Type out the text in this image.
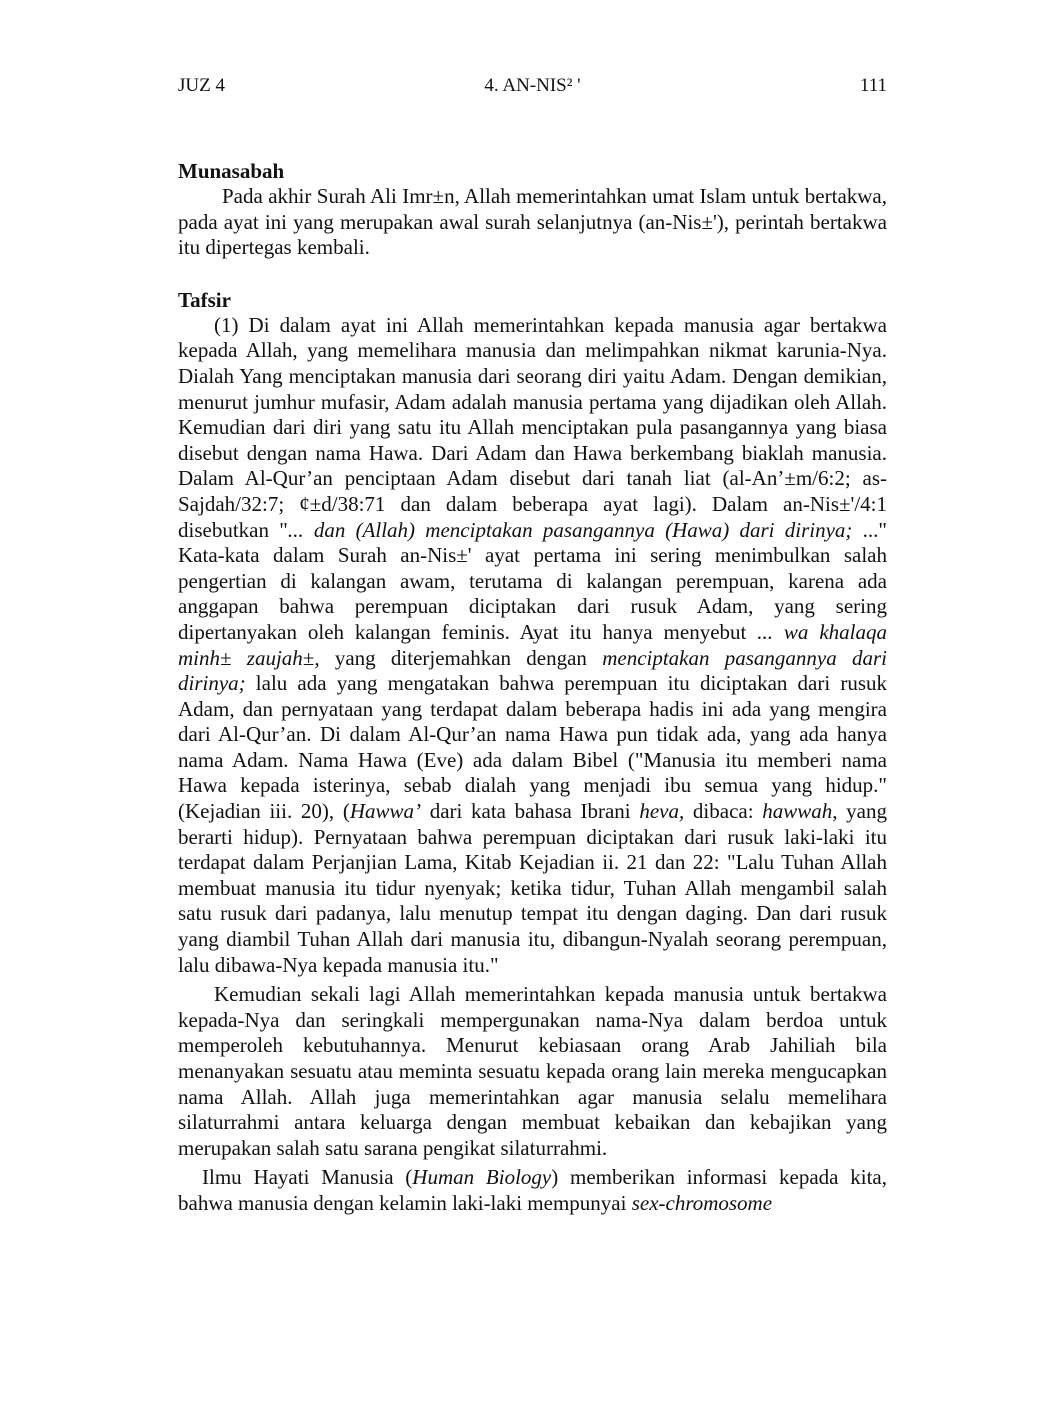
JUZ 4	4. AN-NIS² '	111
Munasabah

Pada akhir Surah Ali Imr±n, Allah memerintahkan umat Islam untuk bertakwa, pada ayat ini yang merupakan awal surah selanjutnya (an-Nis±'), perintah bertakwa itu dipertegas kembali.

Tafsir

(1) Di dalam ayat ini Allah memerintahkan kepada manusia agar bertakwa kepada Allah, yang memelihara manusia dan melimpahkan nikmat karunia-Nya. Dialah Yang menciptakan manusia dari seorang diri yaitu Adam. Dengan demikian, menurut jumhur mufasir, Adam adalah manusia pertama yang dijadikan oleh Allah. Kemudian dari diri yang satu itu Allah menciptakan pula pasangannya yang biasa disebut dengan nama Hawa. Dari Adam dan Hawa berkembang biaklah manusia. Dalam Al-Qur’an penciptaan Adam disebut dari tanah liat (al-An’±m/6:2; as-Sajdah/32:7; ¢±d/38:71 dan dalam beberapa ayat lagi). Dalam an-Nis±'/4:1 disebutkan "... dan (Allah) menciptakan pasangannya (Hawa) dari dirinya; ..." Kata-kata dalam Surah an-Nis±' ayat pertama ini sering menimbulkan salah pengertian di kalangan awam, terutama di kalangan perempuan, karena ada anggapan bahwa perempuan diciptakan dari rusuk Adam, yang sering dipertanyakan oleh kalangan feminis. Ayat itu hanya menyebut ... wa khalaqa minh± zaujah±, yang diterjemahkan dengan menciptakan pasangannya dari dirinya; lalu ada yang mengatakan bahwa perempuan itu diciptakan dari rusuk Adam, dan pernyataan yang terdapat dalam beberapa hadis ini ada yang mengira dari Al-Qur’an. Di dalam Al-Qur’an nama Hawa pun tidak ada, yang ada hanya nama Adam. Nama Hawa (Eve) ada dalam Bibel ("Manusia itu memberi nama Hawa kepada isterinya, sebab dialah yang menjadi ibu semua yang hidup." (Kejadian iii. 20), (Hawwa’ dari kata bahasa Ibrani heva, dibaca: hawwah, yang berarti hidup). Pernyataan bahwa perempuan diciptakan dari rusuk laki-laki itu terdapat dalam Perjanjian Lama, Kitab Kejadian ii. 21 dan 22: "Lalu Tuhan Allah membuat manusia itu tidur nyenyak; ketika tidur, Tuhan Allah mengambil salah satu rusuk dari padanya, lalu menutup tempat itu dengan daging. Dan dari rusuk yang diambil Tuhan Allah dari manusia itu, dibangun-Nyalah seorang perempuan, lalu dibawa-Nya kepada manusia itu."

Kemudian sekali lagi Allah memerintahkan kepada manusia untuk bertakwa kepada-Nya dan seringkali mempergunakan nama-Nya dalam berdoa untuk memperoleh kebutuhannya. Menurut kebiasaan orang Arab Jahiliah bila menanyakan sesuatu atau meminta sesuatu kepada orang lain mereka mengucapkan nama Allah. Allah juga memerintahkan agar manusia selalu memelihara silaturrahmi antara keluarga dengan membuat kebaikan dan kebajikan yang merupakan salah satu sarana pengikat silaturrahmi.

Ilmu Hayati Manusia (Human Biology) memberikan informasi kepada kita, bahwa manusia dengan kelamin laki-laki mempunyai sex-chromosome
